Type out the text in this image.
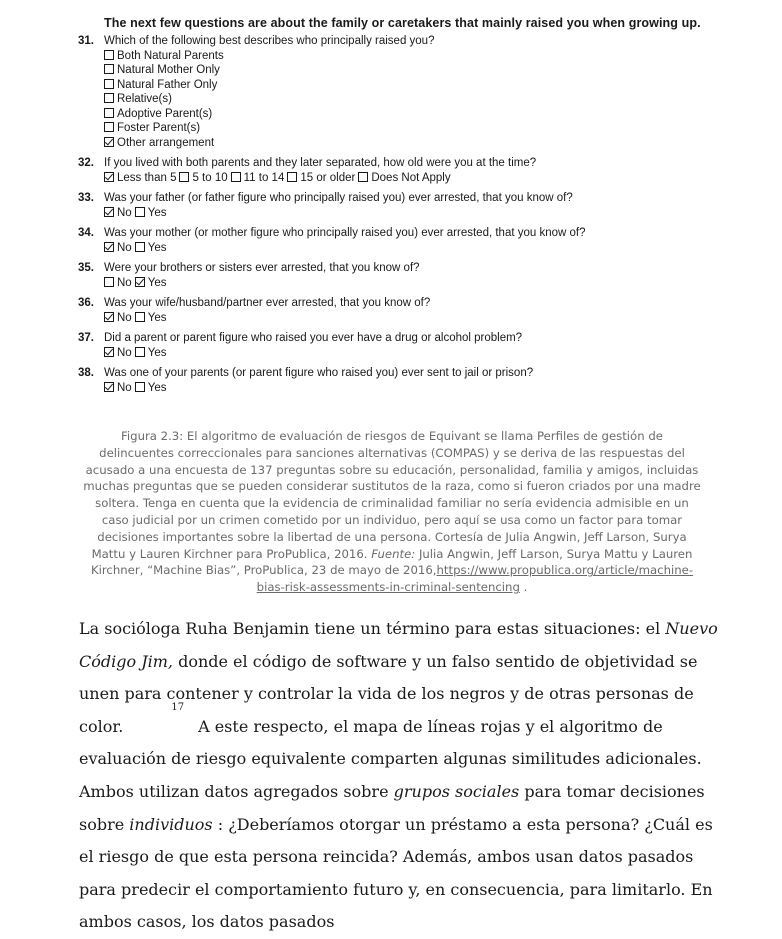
The next few questions are about the family or caretakers that mainly raised you when growing up.
31. Which of the following best describes who principally raised you?
Both Natural Parents
Natural Mother Only
Natural Father Only
Relative(s)
Adoptive Parent(s)
Foster Parent(s)
Other arrangement
32. If you lived with both parents and they later separated, how old were you at the time?
Less than 5 5 to 10 11 to 14 15 or older Does Not Apply
33. Was your father (or father figure who principally raised you) ever arrested, that you know of?
No Yes
34. Was your mother (or mother figure who principally raised you) ever arrested, that you know of?
No Yes
35. Were your brothers or sisters ever arrested, that you know of?
No Yes
36. Was your wife/husband/partner ever arrested, that you know of?
No Yes
37. Did a parent or parent figure who raised you ever have a drug or alcohol problem?
No Yes
38. Was one of your parents (or parent figure who raised you) ever sent to jail or prison?
No Yes
Figura 2.3: El algoritmo de evaluación de riesgos de Equivant se llama Perfiles de gestión de delincuentes correccionales para sanciones alternativas (COMPAS) y se deriva de las respuestas del acusado a una encuesta de 137 preguntas sobre su educación, personalidad, familia y amigos, incluidas muchas preguntas que se pueden considerar sustitutos de la raza, como si fueron criados por una madre soltera. Tenga en cuenta que la evidencia de criminalidad familiar no sería evidencia admisible en un caso judicial por un crimen cometido por un individuo, pero aquí se usa como un factor para tomar decisiones importantes sobre la libertad de una persona. Cortesía de Julia Angwin, Jeff Larson, Surya Mattu y Lauren Kirchner para ProPublica, 2016. Fuente: Julia Angwin, Jeff Larson, Surya Mattu y Lauren Kirchner, “Machine Bias”, ProPublica, 23 de mayo de 2016,https://www.propublica.org/article/machine-bias-risk-assessments-in-criminal-sentencing .
La socióloga Ruha Benjamin tiene un término para estas situaciones: el Nuevo Código Jim, donde el código de software y un falso sentido de objetividad se unen para contener y controlar la vida de los negros y de otras personas de color.$^{17}$A este respecto, el mapa de líneas rojas y el algoritmo de evaluación de riesgo equivalente comparten algunas similitudes adicionales. Ambos utilizan datos agregados sobre grupos sociales para tomar decisiones sobre individuos : ¿Deberíamos otorgar un préstamo a esta persona? ¿Cuál es el riesgo de que esta persona reincida? Además, ambos usan datos pasados para predecir el comportamiento futuro y, en consecuencia, para limitarlo. En ambos casos, los datos pasados
